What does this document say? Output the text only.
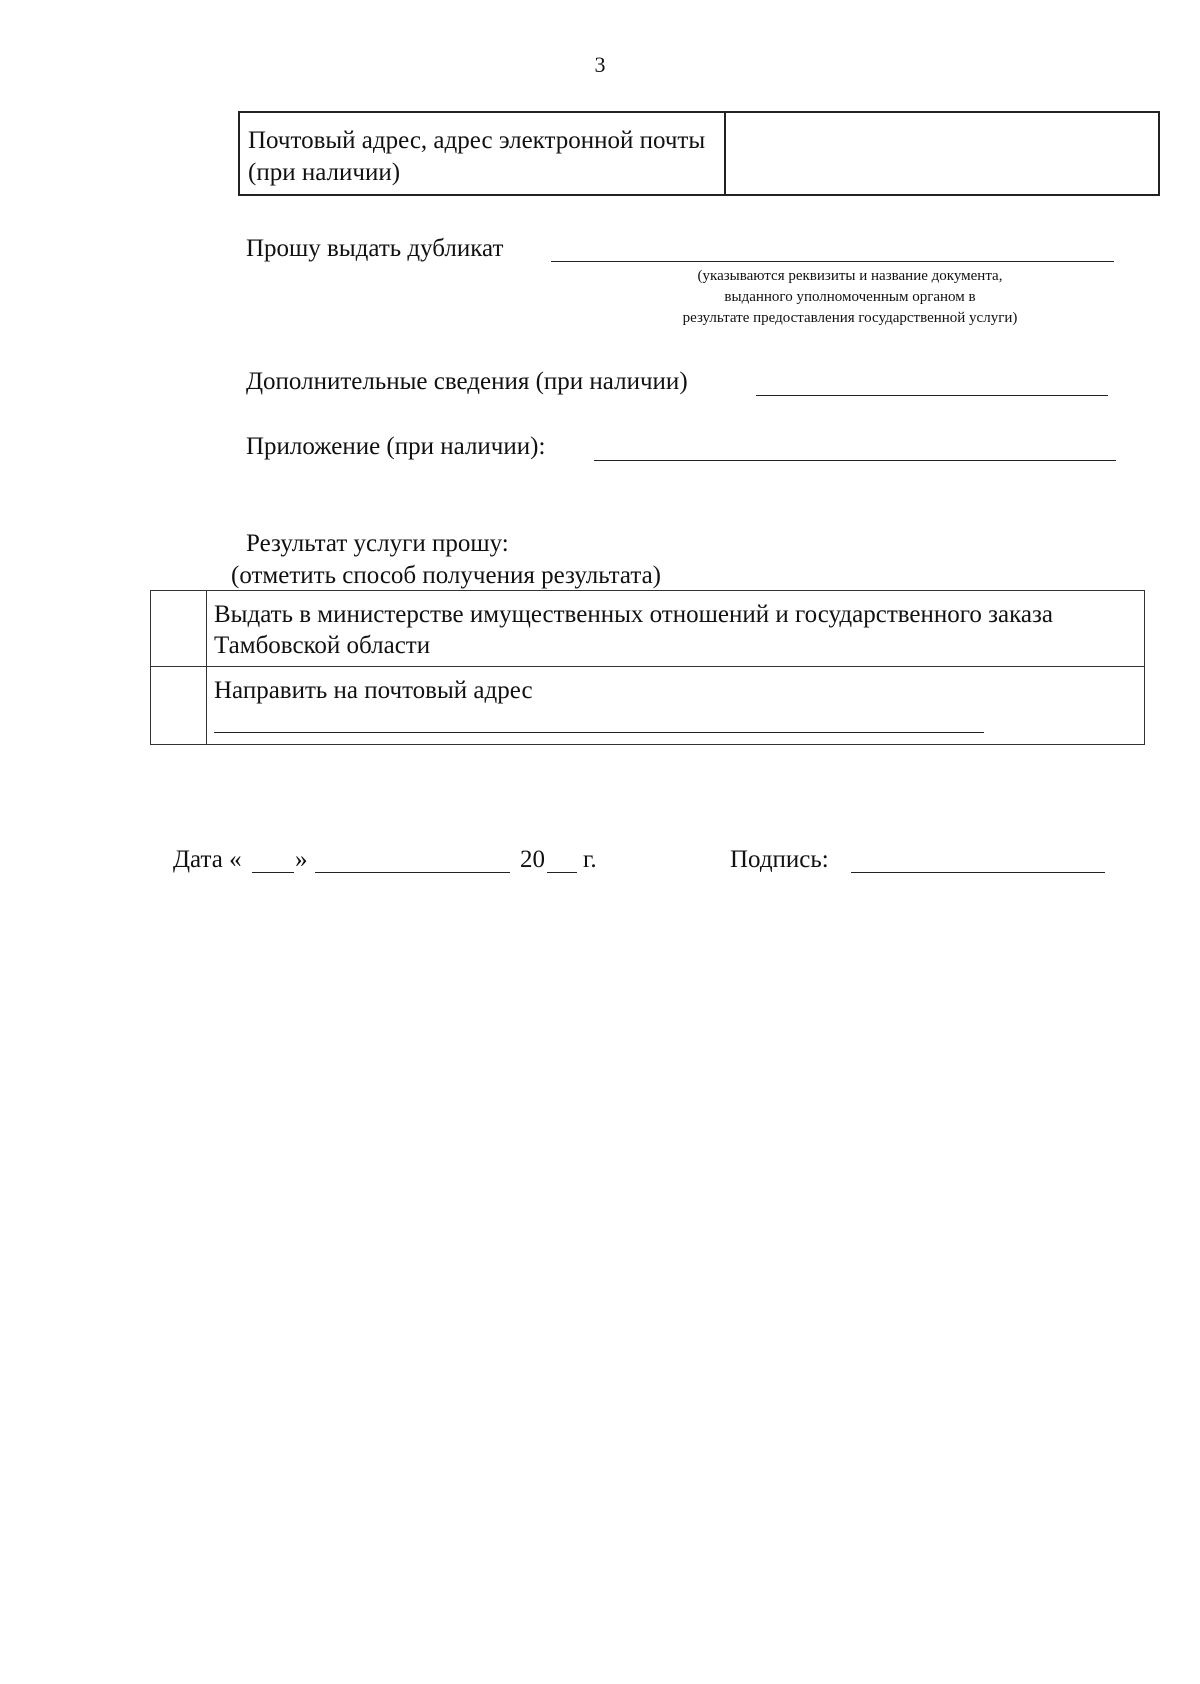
3
Почтовый адрес, адрес электронной почты (при наличии)
Прошу выдать дубликат
(указываются реквизиты и название документа,
выданного уполномоченным органом в
результате предоставления государственной услуги)
Дополнительные сведения (при наличии)
Приложение (при наличии):
Результат услуги прошу:
(отметить способ получения результата)
Выдать в министерстве имущественных отношений и государственного заказа Тамбовской области
Направить на почтовый адрес
Дата « »	20 г.	Подпись:
